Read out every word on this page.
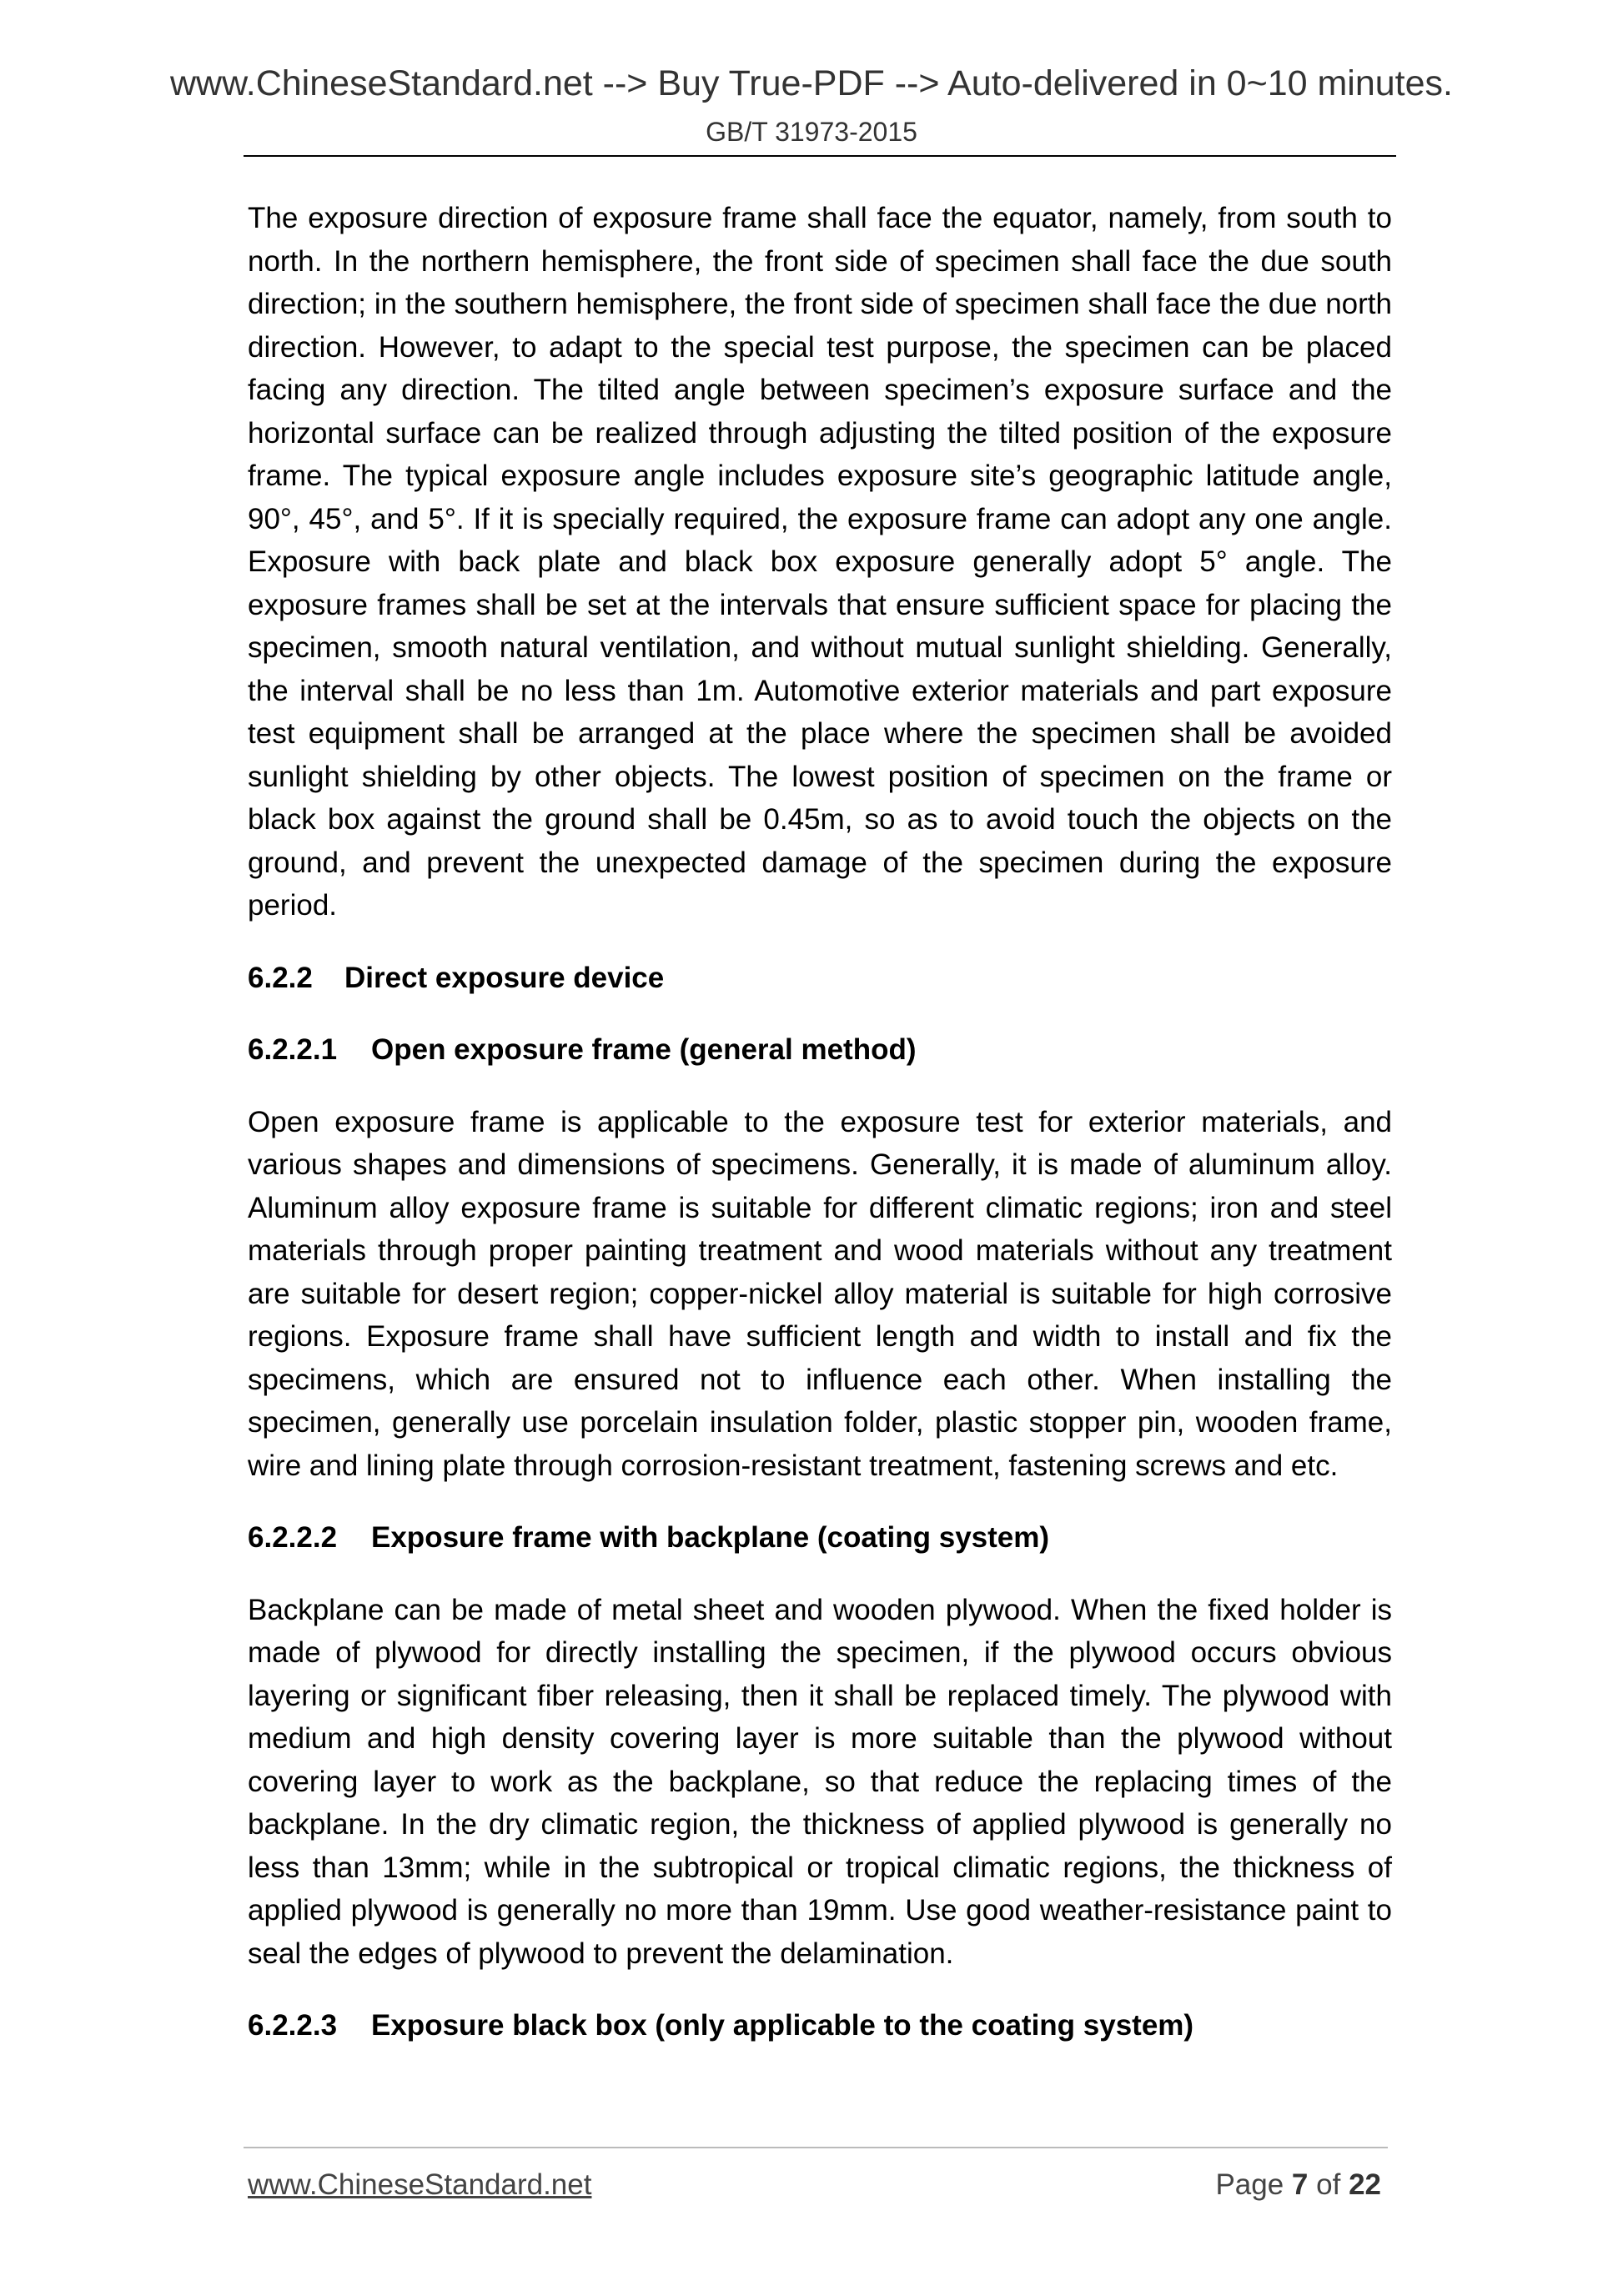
www.ChineseStandard.net --> Buy True-PDF --> Auto-delivered in 0~10 minutes.
GB/T 31973-2015

The exposure direction of exposure frame shall face the equator, namely, from south to north. In the northern hemisphere, the front side of specimen shall face the due south direction; in the southern hemisphere, the front side of specimen shall face the due north direction. However, to adapt to the special test purpose, the specimen can be placed facing any direction. The tilted angle between specimen’s exposure surface and the horizontal surface can be realized through adjusting the tilted position of the exposure frame. The typical exposure angle includes exposure site’s geographic latitude angle, 90°, 45°, and 5°. If it is specially required, the exposure frame can adopt any one angle. Exposure with back plate and black box exposure generally adopt 5° angle. The exposure frames shall be set at the intervals that ensure sufficient space for placing the specimen, smooth natural ventilation, and without mutual sunlight shielding. Generally, the interval shall be no less than 1m. Automotive exterior materials and part exposure test equipment shall be arranged at the place where the specimen shall be avoided sunlight shielding by other objects. The lowest position of specimen on the frame or black box against the ground shall be 0.45m, so as to avoid touch the objects on the ground, and prevent the unexpected damage of the specimen during the exposure period.

6.2.2 Direct exposure device
6.2.2.1 Open exposure frame (general method)

Open exposure frame is applicable to the exposure test for exterior materials, and various shapes and dimensions of specimens. Generally, it is made of aluminum alloy. Aluminum alloy exposure frame is suitable for different climatic regions; iron and steel materials through proper painting treatment and wood materials without any treatment are suitable for desert region; copper-nickel alloy material is suitable for high corrosive regions. Exposure frame shall have sufficient length and width to install and fix the specimens, which are ensured not to influence each other. When installing the specimen, generally use porcelain insulation folder, plastic stopper pin, wooden frame, wire and lining plate through corrosion-resistant treatment, fastening screws and etc.

6.2.2.2 Exposure frame with backplane (coating system)

Backplane can be made of metal sheet and wooden plywood. When the fixed holder is made of plywood for directly installing the specimen, if the plywood occurs obvious layering or significant fiber releasing, then it shall be replaced timely. The plywood with medium and high density covering layer is more suitable than the plywood without covering layer to work as the backplane, so that reduce the replacing times of the backplane. In the dry climatic region, the thickness of applied plywood is generally no less than 13mm; while in the subtropical or tropical climatic regions, the thickness of applied plywood is generally no more than 19mm. Use good weather-resistance paint to seal the edges of plywood to prevent the delamination.

6.2.2.3 Exposure black box (only applicable to the coating system)
www.ChineseStandard.net	Page 7 of 22
